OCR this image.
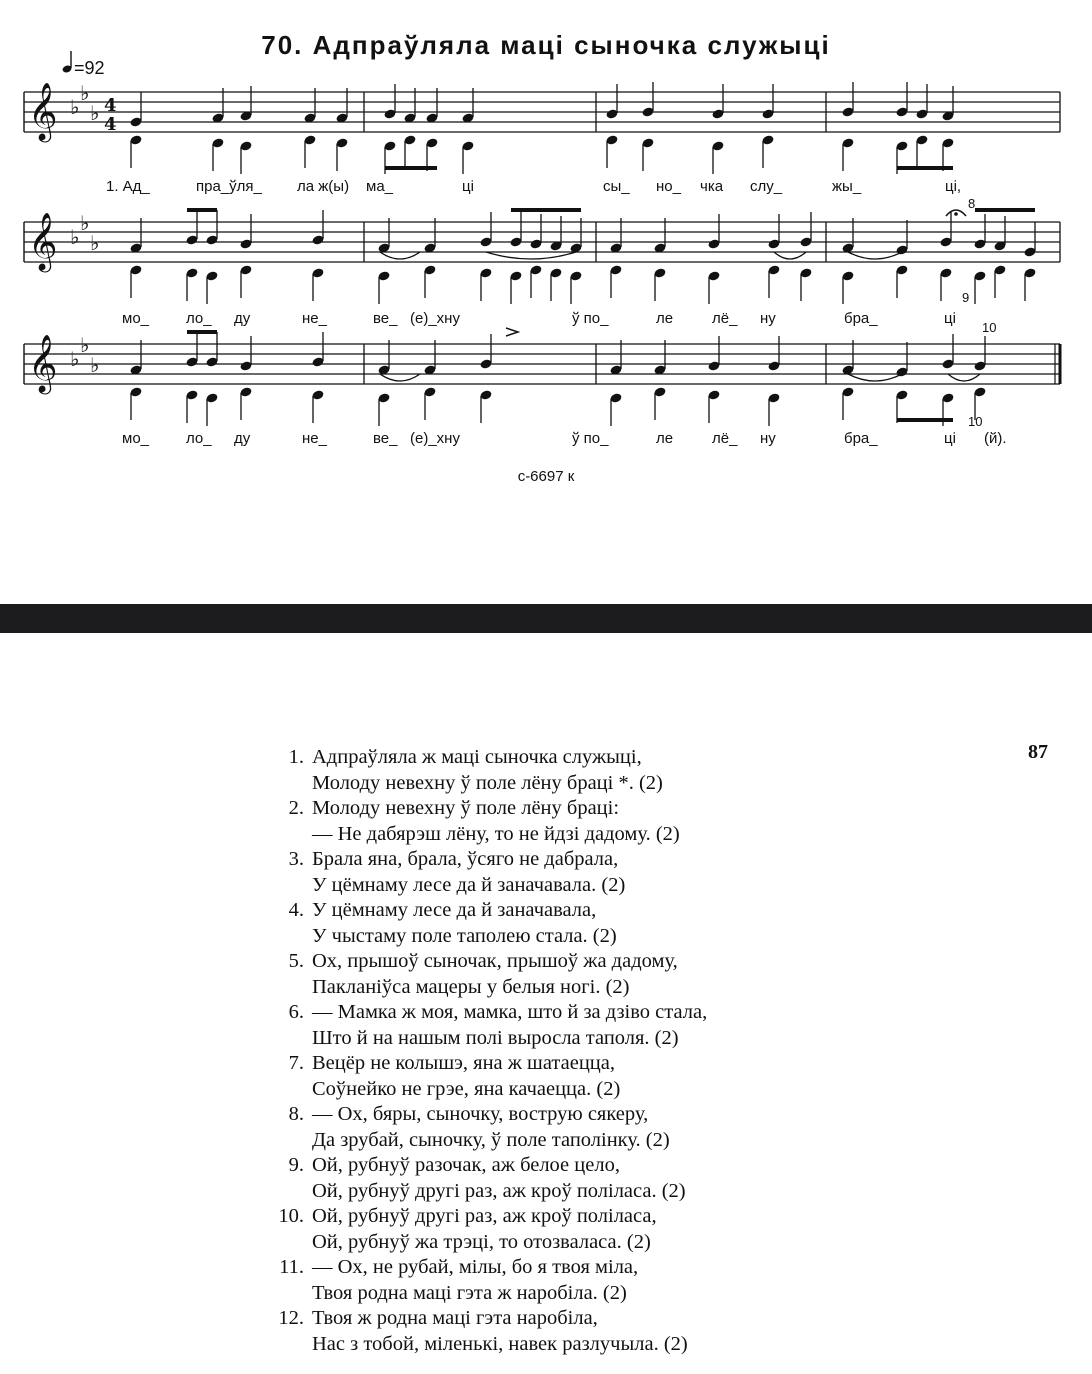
70. Адпраўляла маці сыночка служыці
=92
𝄞 ♭
♭
♭ 4
4
𝄞 ♭
♭
♭
𝄞 ♭
♭
♭
8
9
10
10
1. Ад_	пра_ўля_ ла ж(ы) ма_	ці	сы_ но_ чка слу_	жы_	ці,
мо_ ло_ ду	не_	ве_ (е)_хну	ў по_	ле	лё_ ну	бра_	ці
мо_ ло_ ду	не_	ве_ (е)_хну	ў по_	ле	лё_ ну	бра_	ці (й).
с-6697 к
87
1. Адпраўляла ж маці сыночка служыці,
Молоду невехну ў поле лёну браці *. (2)
2. Молоду невехну ў поле лёну браці:
— Не дабярэш лёну, то не йдзі дадому. (2)
3. Брала яна, брала, ўсяго не дабрала,
У цёмнаму лесе да й заначавала. (2)
4. У цёмнаму лесе да й заначавала,
У чыстаму поле таполею стала. (2)
5. Ох, прышоў сыночак, прышоў жа дадому,
Пакланіўса мацеры у белыя ногі. (2)
6. — Мамка ж моя, мамка, што й за дзіво стала,
Што й на нашым полі выросла таполя. (2)
7. Вецёр не колышэ, яна ж шатаецца,
Соўнейко не грэе, яна качаецца. (2)
8. — Ох, бяры, сыночку, вострую сякеру,
Да зрубай, сыночку, ў поле таполінку. (2)
9. Ой, рубнуў разочак, аж белое цело,
Ой, рубнуў другі раз, аж кроў поліласа. (2)
10. Ой, рубнуў другі раз, аж кроў поліласа,
Ой, рубнуў жа трэці, то отозваласа. (2)
11. — Ох, не рубай, мілы, бо я твоя міла,
Твоя родна маці гэта ж наробіла. (2)
12. Твоя ж родна маці гэта наробіла,
Нас з тобой, міленькі, навек разлучыла. (2)
